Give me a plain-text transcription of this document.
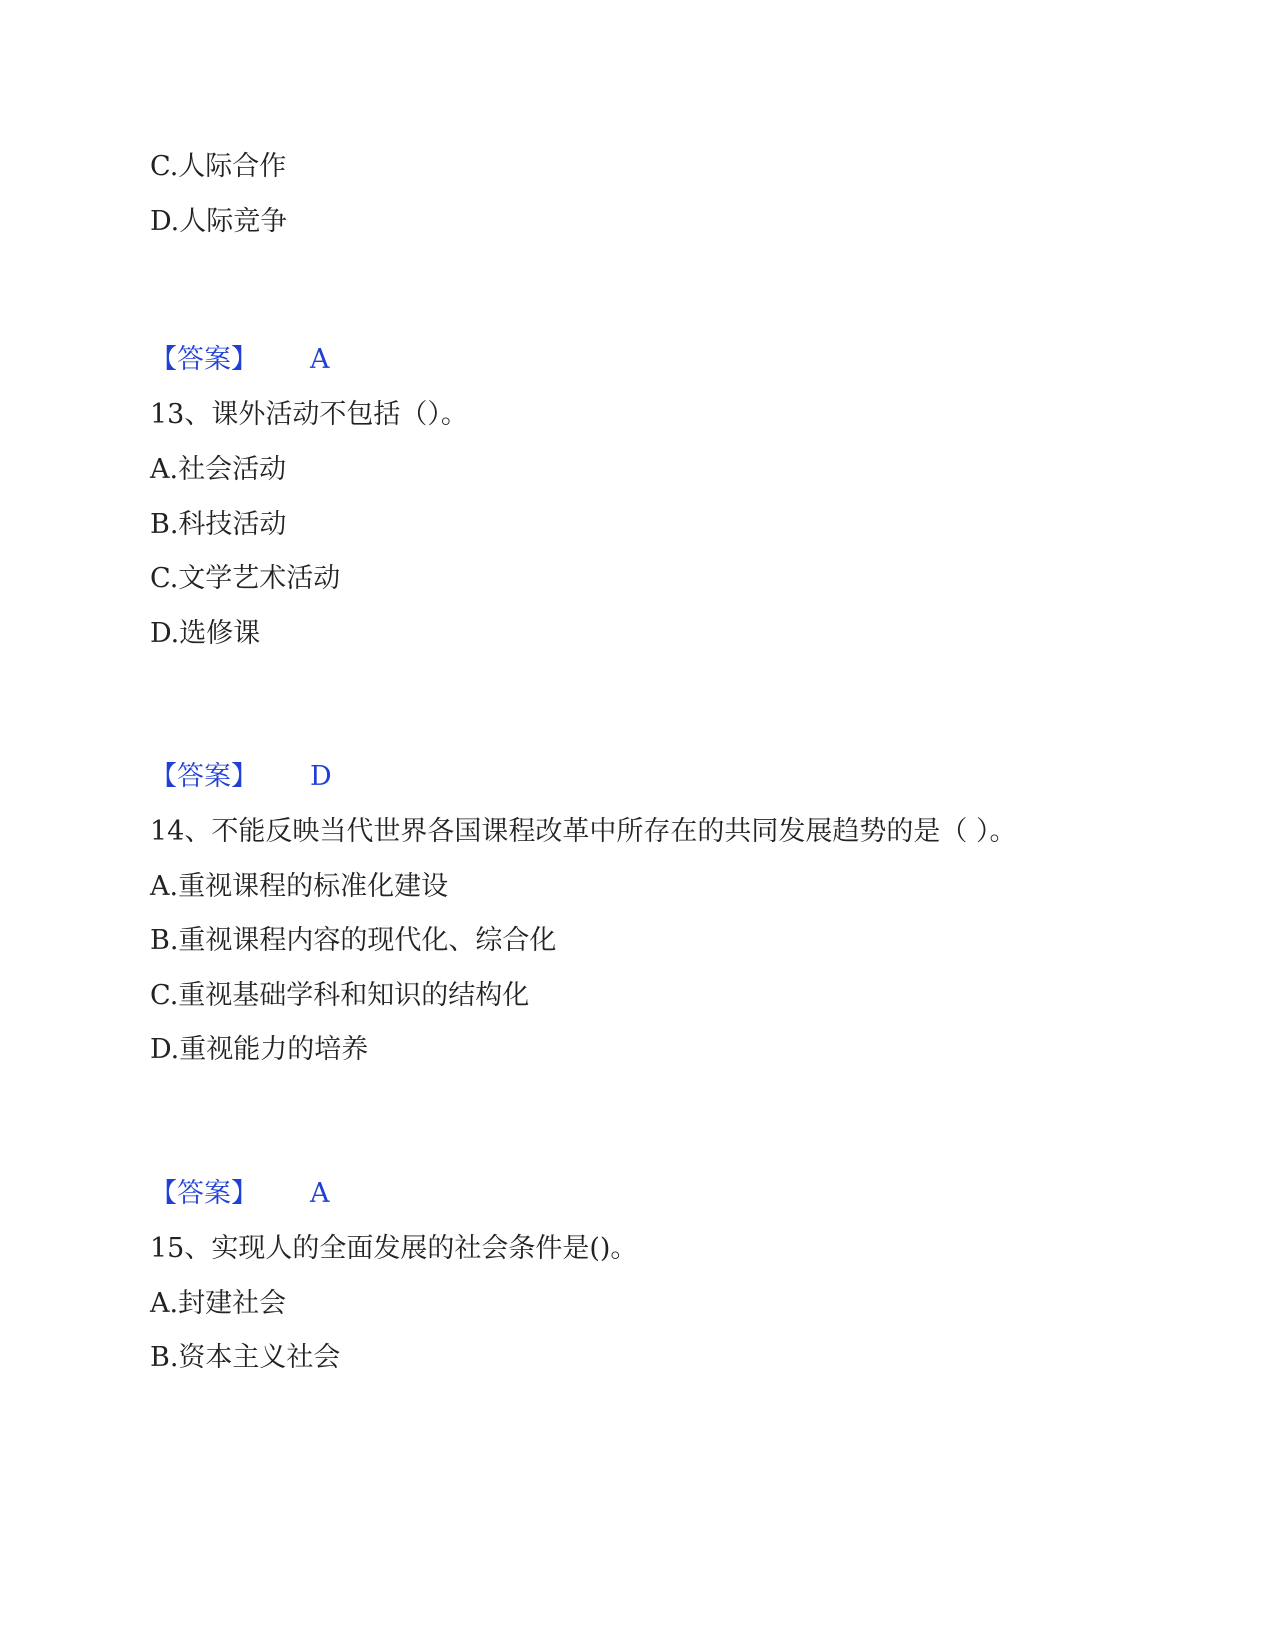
C.人际合作
D.人际竞争
【答案】 A
13、课外活动不包括（）。
A.社会活动
B.科技活动
C.文学艺术活动
D.选修课
【答案】 D
14、不能反映当代世界各国课程改革中所存在的共同发展趋势的是（ ）。
A.重视课程的标准化建设
B.重视课程内容的现代化、综合化
C.重视基础学科和知识的结构化
D.重视能力的培养
【答案】 A
15、实现人的全面发展的社会条件是()。
A.封建社会
B.资本主义社会
